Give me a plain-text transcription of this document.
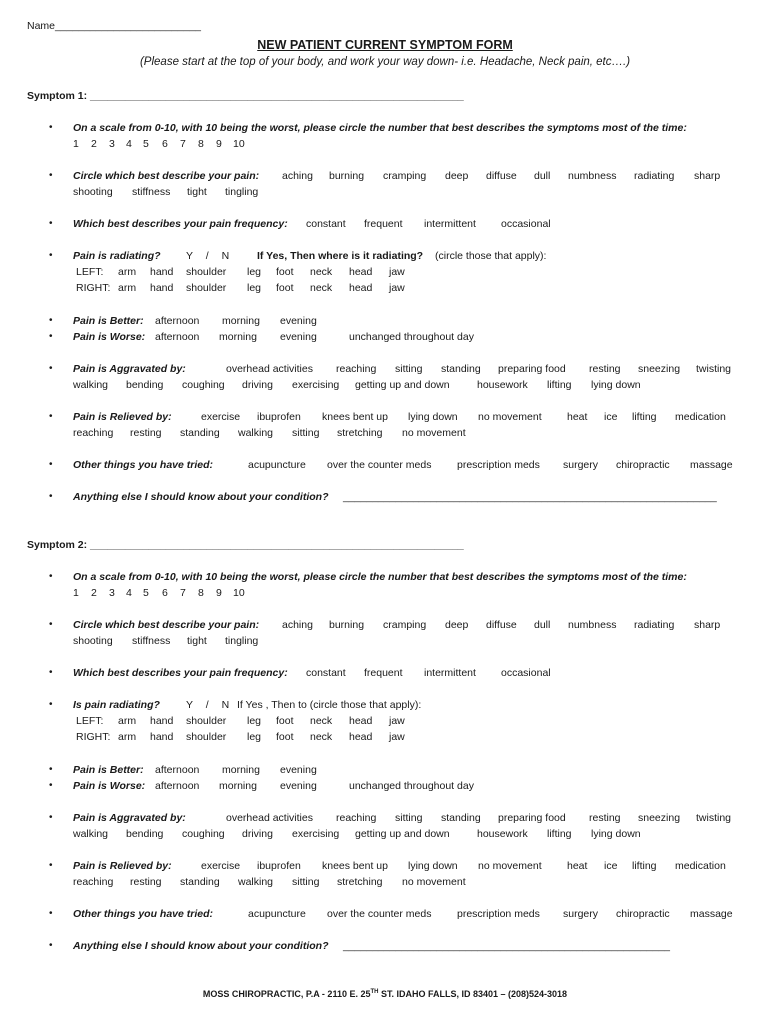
Name_________________________
NEW PATIENT CURRENT SYMPTOM FORM
(Please start at the top of your body, and work your way down- i.e. Headache, Neck pain, etc….)
Symptom 1: ________________________________________________________________
• On a scale from 0-10, with 10 being the worst, please circle the number that best describes the symptoms most of the time:
1 2 3 4 5 6 7 8 9 10
• Circle which best describe your pain: aching burning cramping deep diffuse dull numbness radiating sharp
shooting stiffness tight tingling
• Which best describes your pain frequency: constant frequent intermittent occasional
• Pain is radiating? Y / N	If Yes, Then where is it radiating? (circle those that apply):
LEFT: arm hand shoulder leg foot neck head jaw
RIGHT: arm hand shoulder leg foot neck head jaw
• Pain is Better: afternoon morning evening
• Pain is Worse: afternoon morning evening	unchanged throughout day
• Pain is Aggravated by:	overhead activities reaching sitting standing preparing food resting sneezing twisting
walking bending coughing driving exercising getting up and down	housework lifting lying down
• Pain is Relieved by:	exercise ibuprofen knees bent up lying down no movement heat ice lifting medication
reaching resting standing walking sitting stretching no movement
• Other things you have tried:	acupuncture over the counter meds prescription meds surgery chiropractic massage
• Anything else I should know about your condition? ________________________________________________________________
Symptom 2: ________________________________________________________________
• On a scale from 0-10, with 10 being the worst, please circle the number that best describes the symptoms most of the time:
1 2 3 4 5 6 7 8 9 10
• Circle which best describe your pain: aching burning cramping deep diffuse dull numbness radiating sharp
shooting stiffness tight tingling
• Which best describes your pain frequency: constant frequent intermittent occasional
• Is pain radiating? Y / N If Yes , Then to (circle those that apply):
LEFT: arm hand shoulder leg foot neck head jaw
RIGHT: arm hand shoulder leg foot neck head jaw
• Pain is Better: afternoon morning evening
• Pain is Worse: afternoon morning evening	unchanged throughout day
• Pain is Aggravated by:	overhead activities reaching sitting standing preparing food resting sneezing twisting
walking bending coughing driving exercising getting up and down	housework lifting lying down
• Pain is Relieved by:	exercise ibuprofen knees bent up lying down no movement heat ice lifting medication
reaching resting standing walking sitting stretching no movement
• Other things you have tried:	acupuncture over the counter meds prescription meds surgery chiropractic massage
• Anything else I should know about your condition? ________________________________________________________
MOSS CHIROPRACTIC, P.A - 2110 E. 25TH ST. IDAHO FALLS, ID 83401 – (208)524-3018
